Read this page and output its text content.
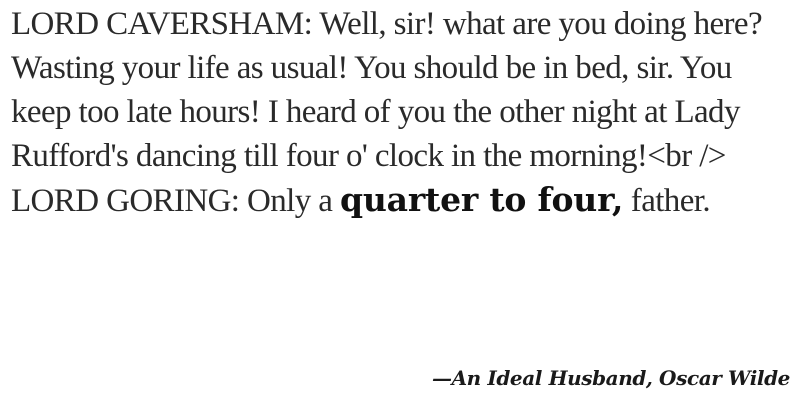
LORD CAVERSHAM: Well, sir! what are you doing here? Wasting your life as usual! You should be in bed, sir. You keep too late hours! I heard of you the other night at Lady Rufford's dancing till four o' clock in the morning!<br /> LORD GORING: Only a quarter to four, father.

—An Ideal Husband, Oscar Wilde
